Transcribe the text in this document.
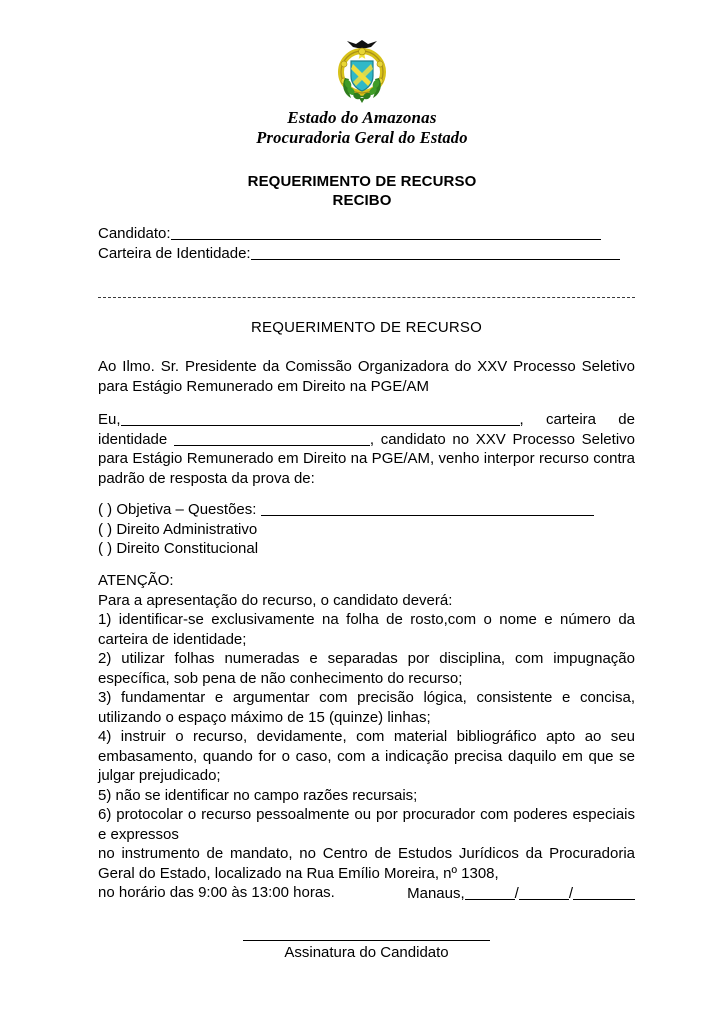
Estado do Amazonas
Procuradoria Geral do Estado
REQUERIMENTO DE RECURSO
RECIBO
Candidato:
Carteira de Identidade:
REQUERIMENTO DE RECURSO
Ao Ilmo. Sr. Presidente da Comissão Organizadora do XXV Processo Seletivo para Estágio Remunerado em Direito na PGE/AM
Eu,	, carteira de identidade	, candidato no XXV Processo Seletivo para Estágio Remunerado em Direito na PGE/AM, venho interpor recurso contra padrão de resposta da prova de:
( ) Objetiva – Questões:
( ) Direito Administrativo
( ) Direito Constitucional
ATENÇÃO:
Para a apresentação do recurso, o candidato deverá:
1) identificar-se exclusivamente na folha de rosto,com o nome e número da carteira de identidade;
2) utilizar folhas numeradas e separadas por disciplina, com impugnação específica, sob pena de não conhecimento do recurso;
3) fundamentar e argumentar com precisão lógica, consistente e concisa, utilizando o espaço máximo de 15 (quinze) linhas;
4) instruir o recurso, devidamente, com material bibliográfico apto ao seu embasamento, quando for o caso, com a indicação precisa daquilo em que se julgar prejudicado;
5) não se identificar no campo razões recursais;
6) protocolar o recurso pessoalmente ou por procurador com poderes especiais e expressos
no instrumento de mandato, no Centro de Estudos Jurídicos da Procuradoria Geral do Estado, localizado na Rua Emílio Moreira, nº 1308,
no horário das 9:00 às 13:00 horas.	Manaus,	/	/
Assinatura do Candidato
